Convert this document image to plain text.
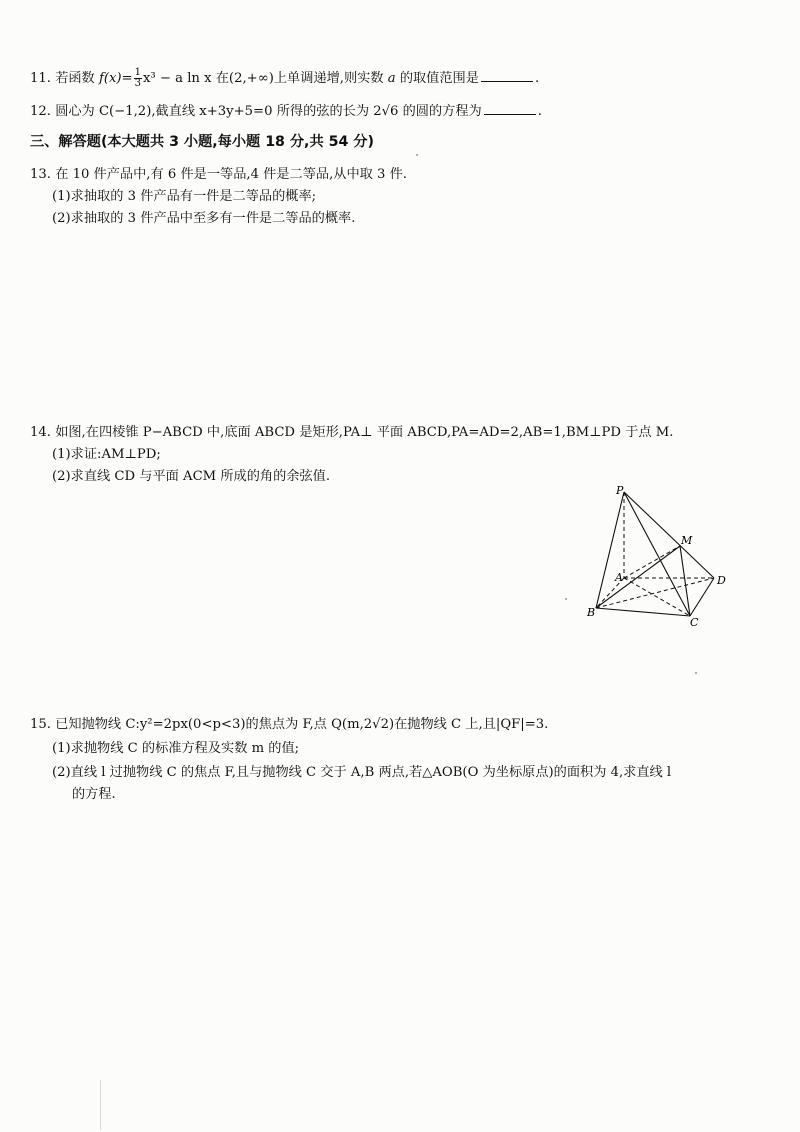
11. 若函数 $f(x)= \frac{1}{3} x^3 - a$ ln x 在(2,+∞)上单调递增,则实数 a 的取值范围是	.
12. 圆心为 C(−1,2),截直线 x+3y+5=0 所得的弦的长为 2√6 的圆的方程为	.
三、解答题(本大题共 3 小题,每小题 18 分,共 54 分)
13. 在 10 件产品中,有 6 件是一等品,4 件是二等品,从中取 3 件.
(1)求抽取的 3 件产品有一件是二等品的概率;
(2)求抽取的 3 件产品中至多有一件是二等品的概率.
14. 如图,在四棱锥 P−ABCD 中,底面 ABCD 是矩形,PA⊥ 平面 ABCD,PA=AD=2,AB=1,BM⊥PD 于点 M.
(1)求证:AM⊥PD;
(2)求直线 CD 与平面 ACM 所成的角的余弦值.
P
M
A	D
B
C
15. 已知抛物线 C:y²=2px(0<p<3)的焦点为 F,点 Q(m,2√2)在抛物线 C 上,且|QF|=3.
(1)求抛物线 C 的标准方程及实数 m 的值;
(2)直线 l 过抛物线 C 的焦点 F,且与抛物线 C 交于 A,B 两点,若△AOB(O 为坐标原点)的面积为 4,求直线 l
的方程.
